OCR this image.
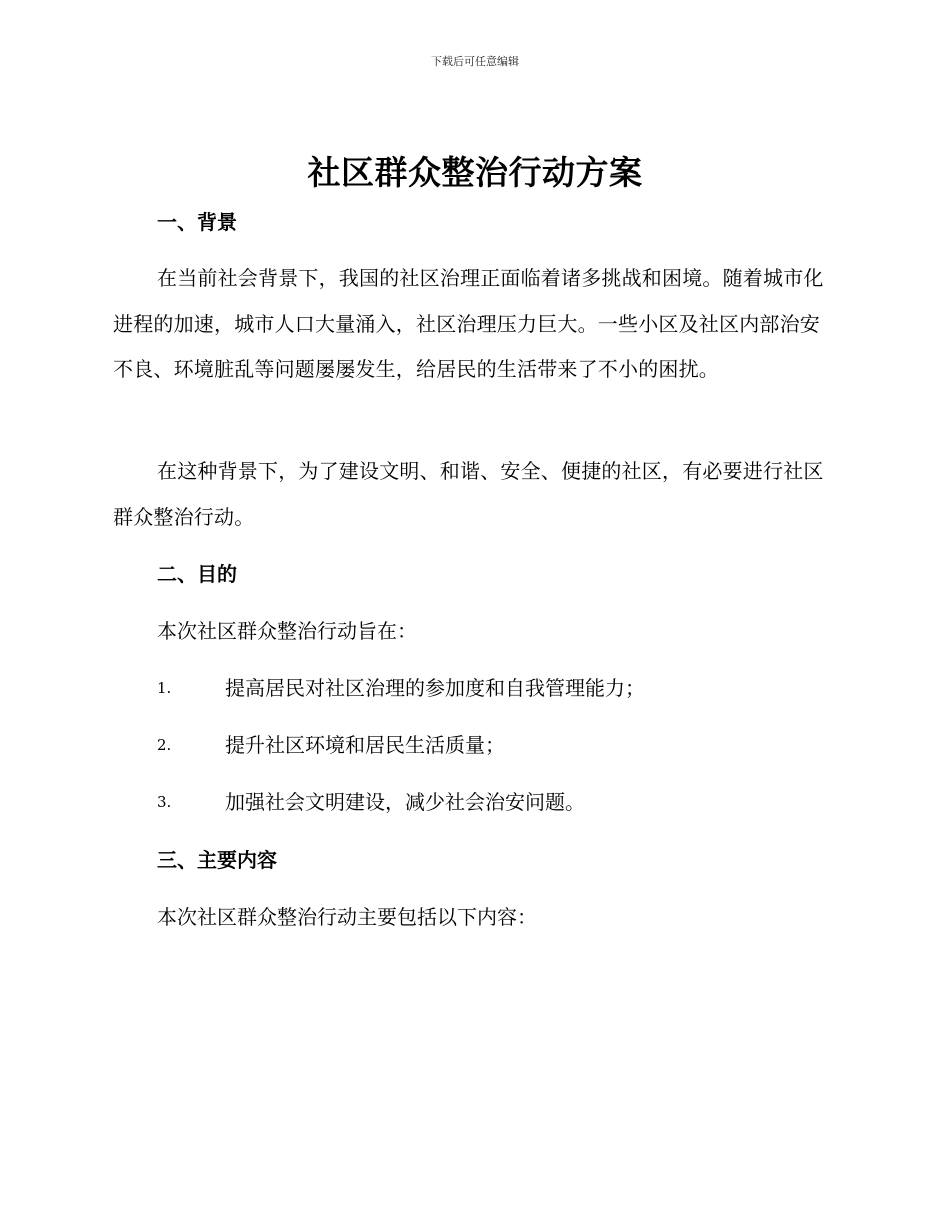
下载后可任意编辑
社区群众整治行动方案
一、背景
在当前社会背景下，我国的社区治理正面临着诸多挑战和困境。随着城市化进程的加速，城市人口大量涌入，社区治理压力巨大。一些小区及社区内部治安不良、环境脏乱等问题屡屡发生，给居民的生活带来了不小的困扰。
在这种背景下，为了建设文明、和谐、安全、便捷的社区，有必要进行社区群众整治行动。
二、目的
本次社区群众整治行动旨在：
1.	提高居民对社区治理的参加度和自我管理能力；
2.	提升社区环境和居民生活质量；
3.	加强社会文明建设，减少社会治安问题。
三、主要内容
本次社区群众整治行动主要包括以下内容：
